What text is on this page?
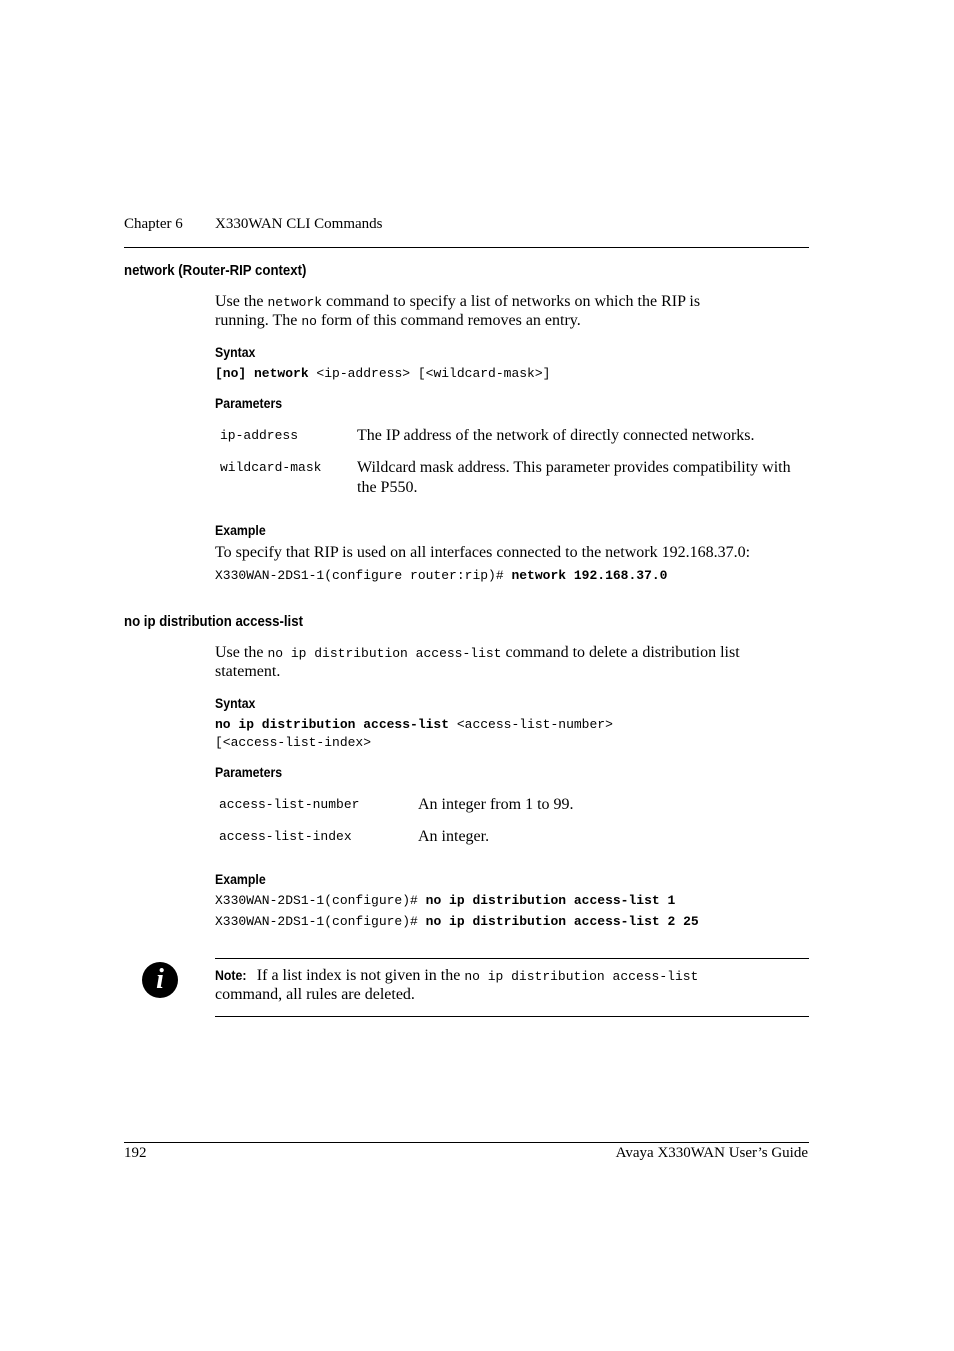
Chapter 6 X330WAN CLI Commands
network (Router-RIP context)
Use the network command to specify a list of networks on which the RIP is
running. The no form of this command removes an entry.
Syntax
[no] network <ip-address> [<wildcard-mask>]
Parameters
ip-address	The IP address of the network of directly connected networks.
wildcard-mask Wildcard mask address. This parameter provides compatibility with the P550.
Example
To specify that RIP is used on all interfaces connected to the network 192.168.37.0:
X330WAN-2DS1-1(configure router:rip)# network 192.168.37.0
no ip distribution access-list
Use the no ip distribution access-list command to delete a distribution list
statement.
Syntax
no ip distribution access-list <access-list-number>
[<access-list-index>
Parameters
access-list-number	An integer from 1 to 99.
access-list-index	An integer.
Example
X330WAN-2DS1-1(configure)# no ip distribution access-list 1
X330WAN-2DS1-1(configure)# no ip distribution access-list 2 25
i	Note: If a list index is not given in the no ip distribution access-list
command, all rules are deleted.
192	Avaya X330WAN User’s Guide
